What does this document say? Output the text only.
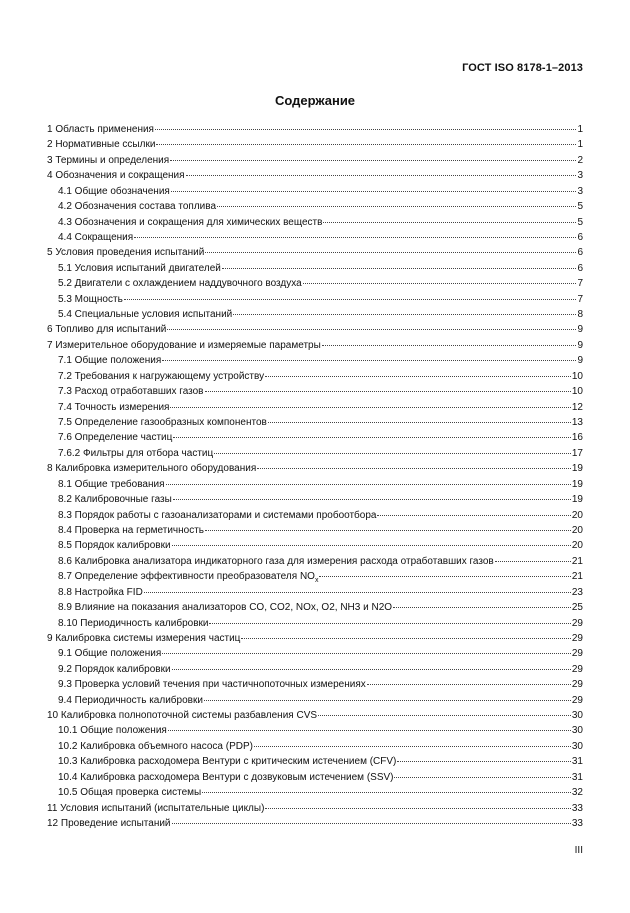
ГОСТ ISO 8178-1–2013
Содержание
1 Область применения	1
2 Нормативные ссылки	1
3 Термины и определения	2
4 Обозначения и сокращения	3
4.1 Общие обозначения	3
4.2 Обозначения состава топлива	5
4.3 Обозначения и сокращения для химических веществ	5
4.4 Сокращения	6
5 Условия проведения испытаний	6
5.1 Условия испытаний двигателей	6
5.2 Двигатели с охлаждением наддувочного воздуха	7
5.3 Мощность	7
5.4 Специальные условия испытаний	8
6 Топливо для испытаний	9
7 Измерительное оборудование и измеряемые параметры	9
7.1 Общие положения	9
7.2 Требования к нагружающему устройству	10
7.3 Расход отработавших газов	10
7.4 Точность измерения	12
7.5 Определение газообразных компонентов	13
7.6 Определение частиц	16
7.6.2 Фильтры для отбора частиц	17
8 Калибровка измерительного оборудования	19
8.1 Общие требования	19
8.2 Калибровочные газы	19
8.3 Порядок работы с газоанализаторами и системами пробоотбора	20
8.4 Проверка на герметичность	20
8.5 Порядок калибровки	20
8.6 Калибровка анализатора индикаторного газа для измерения расхода отработавших газов	21
8.7 Определение эффективности преобразователя $NO_x$	21
8.8 Настройка FID	23
8.9 Влияние на показания анализаторов CO, CO2, NOx, O2, NH3 и N2O	25
8.10 Периодичность калибровки	29
9 Калибровка системы измерения частиц	29
9.1 Общие положения	29
9.2 Порядок калибровки	29
9.3 Проверка условий течения при частичнопоточных измерениях	29
9.4 Периодичность калибровки	29
10 Калибровка полнопоточной системы разбавления CVS	30
10.1 Общие положения	30
10.2 Калибровка объемного насоса (PDP)	30
10.3 Калибровка расходомера Вентури с критическим истечением (CFV)	31
10.4 Калибровка расходомера Вентури с дозвуковым истечением (SSV)	31
10.5 Общая проверка системы	32
11 Условия испытаний (испытательные циклы)	33
12 Проведение испытаний	33
III
